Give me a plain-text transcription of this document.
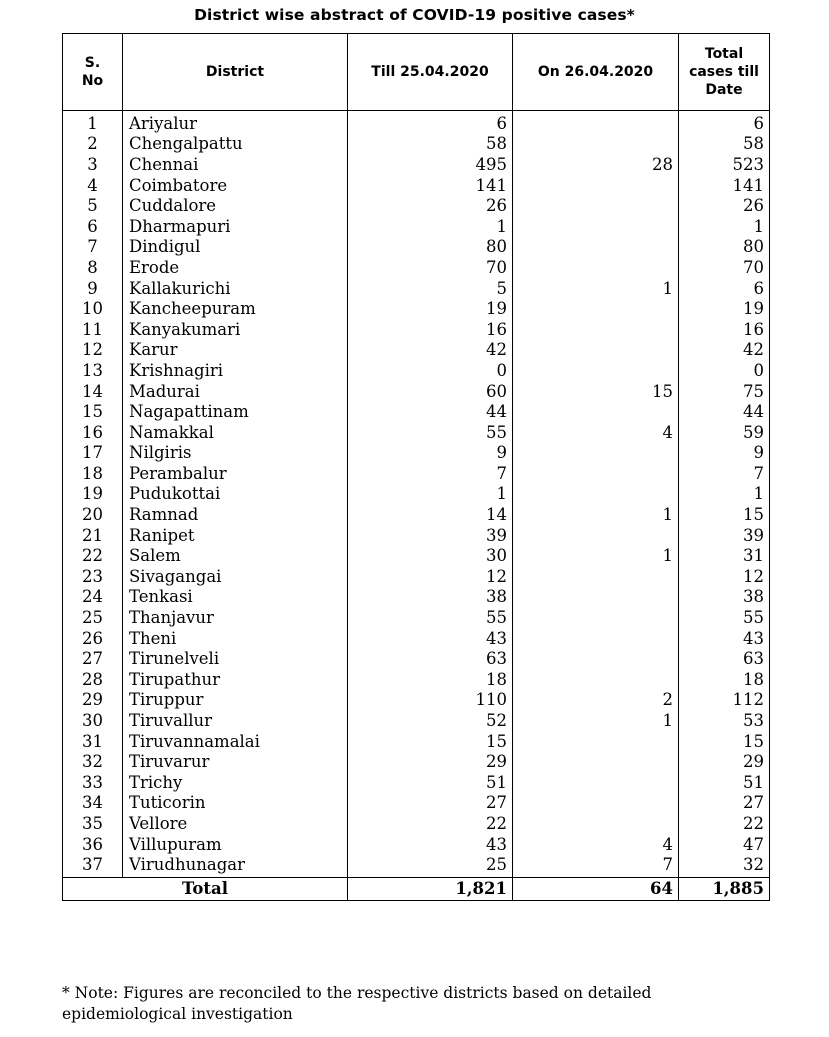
District wise abstract of COVID-19 positive cases*
S. No	District	Till 25.04.2020	On 26.04.2020	Total cases till Date
1	Ariyalur	6		6
2	Chengalpattu	58		58
3	Chennai	495	28	523
4	Coimbatore	141		141
5	Cuddalore	26		26
6	Dharmapuri	1		1
7	Dindigul	80		80
8	Erode	70		70
9	Kallakurichi	5	1	6
10	Kancheepuram	19		19
11	Kanyakumari	16		16
12	Karur	42		42
13	Krishnagiri	0		0
14	Madurai	60	15	75
15	Nagapattinam	44		44
16	Namakkal	55	4	59
17	Nilgiris	9		9
18	Perambalur	7		7
19	Pudukottai	1		1
20	Ramnad	14	1	15
21	Ranipet	39		39
22	Salem	30	1	31
23	Sivagangai	12		12
24	Tenkasi	38		38
25	Thanjavur	55		55
26	Theni	43		43
27	Tirunelveli	63		63
28	Tirupathur	18		18
29	Tiruppur	110	2	112
30	Tiruvallur	52	1	53
31	Tiruvannamalai	15		15
32	Tiruvarur	29		29
33	Trichy	51		51
34	Tuticorin	27		27
35	Vellore	22		22
36	Villupuram	43	4	47
37	Virudhunagar	25	7	32
Total		1,821	64	1,885
* Note: Figures are reconciled to the respective districts based on detailed epidemiological investigation
